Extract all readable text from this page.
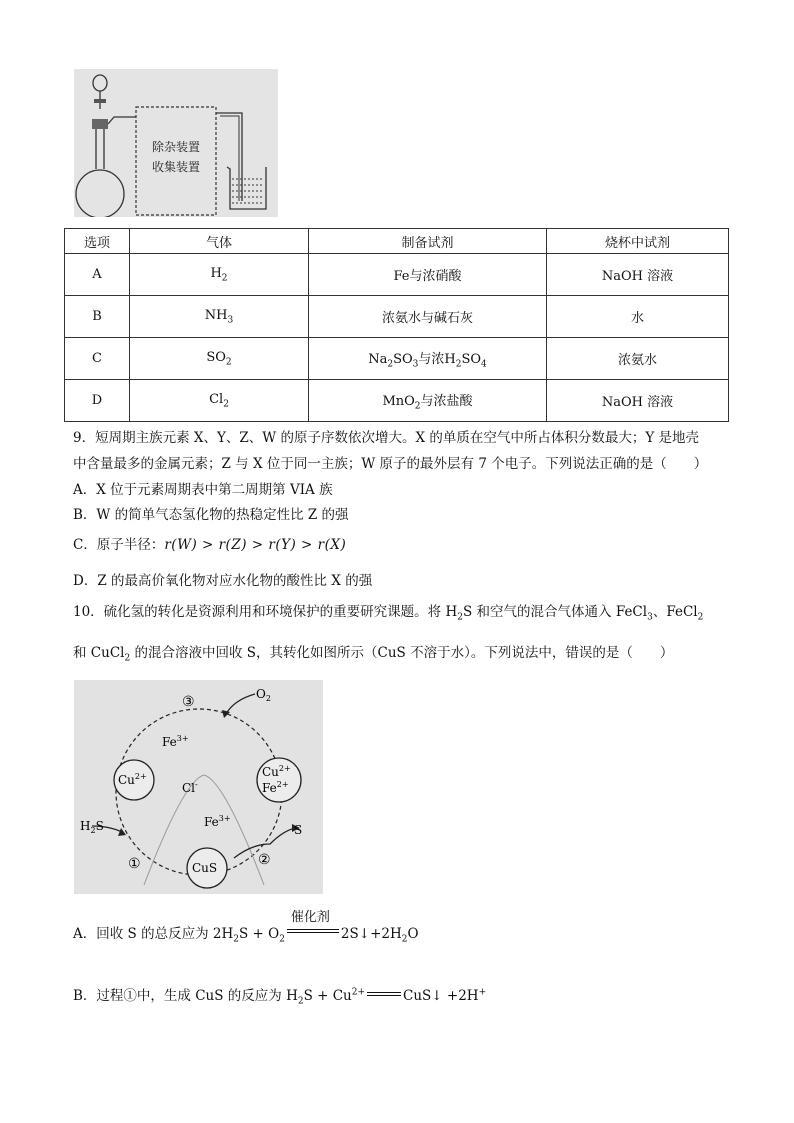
除杂装置
收集装置
选项	气体	制备试剂	烧杯中试剂
A	$H_2$	Fe与浓硝酸	NaOH 溶液
B	$NH_3$	浓氨水与碱石灰	水
C	$SO_2$	$Na_2SO_3$与浓$H_2SO_4$	浓氨水
D	$Cl_2$	MnO$_2$与浓盐酸	NaOH 溶液
9．短周期主族元素 X、Y、Z、W 的原子序数依次增大。X 的单质在空气中所占体积分数最大；Y 是地壳
中含量最多的金属元素；Z 与 X 位于同一主族；W 原子的最外层有 7 个电子。下列说法正确的是（　　）
A．X 位于元素周期表中第二周期第 VIA 族
B．W 的简单气态氢化物的热稳定性比 Z 的强
C．原子半径：r(W) > r(Z) > r(Y) > r(X)
D．Z 的最高价氧化物对应水化物的酸性比 X 的强
10．硫化氢的转化是资源利用和环境保护的重要研究课题。将 $H_2S$ 和空气的混合气体通入 FeCl$_3$、FeCl$_2$
和 CuCl$_2$ 的混合溶液中回收 S，其转化如图所示（CuS 不溶于水）。下列说法中，错误的是（　　）
③	$O_2$
$Fe^{3+}$
$Cu^{2+}$
Cl-
$Cu^{2+}$
$Fe^{2+}$
$H_2S$	$Fe^{3+}$
S
①	CuS	②
A．回收 S 的总反应为 $2H_2S + O_2$
催化剂
$2S↓+2H_2O$
B．过程①中，生成 CuS 的反应为 $H_2S + Cu^{2+}$	CuS↓ +2H+
